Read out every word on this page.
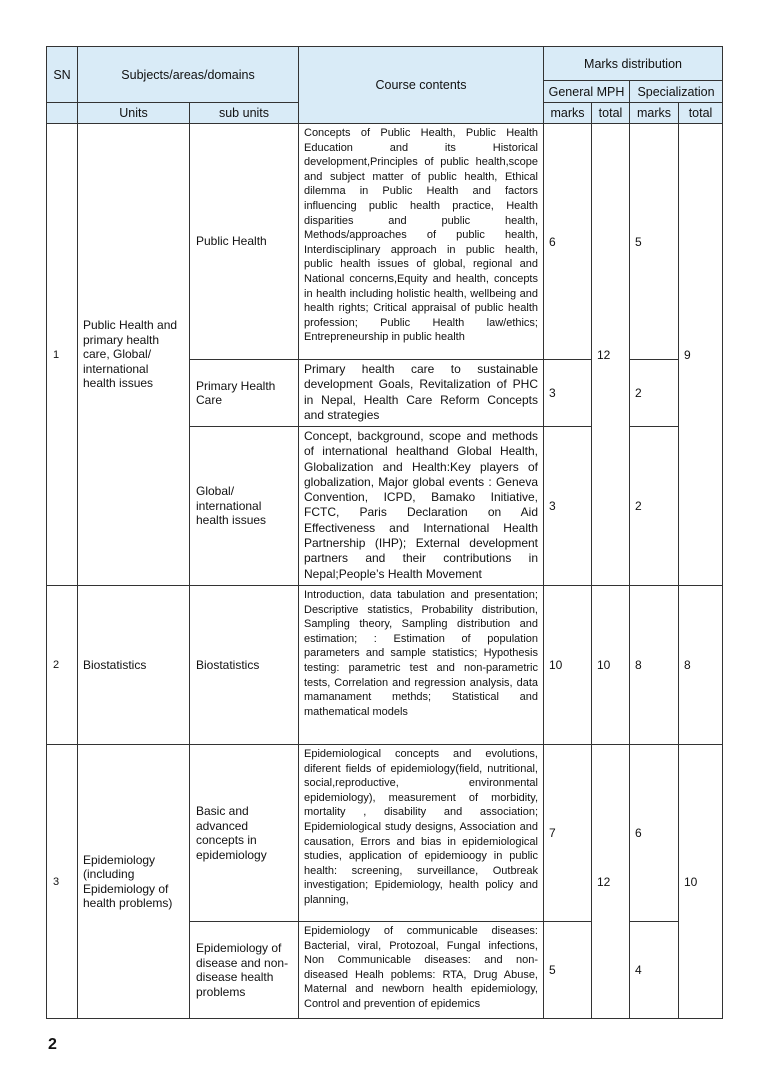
SN	Subjects/areas/domains		Course contents	Marks distribution			
				General MPH		Specialization	
	Units	sub units		marks	total	marks	total
1	Public Health and primary health care, Global/ international health issues	Public Health	Concepts of Public Health, Public Health Education and its Historical development,Principles of public health,scope and subject matter of public health, Ethical dilemma in Public Health and factors influencing public health practice, Health disparities and public health, Methods/approaches of public health, Interdisciplinary approach in public health, public health issues of global, regional and National concerns,Equity and health, concepts in health including holistic health, wellbeing and health rights; Critical appraisal of public health profession; Public Health law/ethics; Entrepreneurship in public health	6	12	5	9
		Primary Health Care	Primary health care to sustainable development Goals, Revitalization of PHC in Nepal, Health Care Reform Concepts and strategies	3		2	
		Global/ international health issues	Concept, background, scope and methods of international healthand Global Health, Globalization and Health:Key players of globalization, Major global events : Geneva Convention, ICPD, Bamako Initiative, FCTC, Paris Declaration on Aid Effectiveness and International Health Partnership (IHP); External development partners and their contributions in Nepal;People’s Health Movement	3		2	
2	Biostatistics	Biostatistics	Introduction, data tabulation and presentation; Descriptive statistics, Probability distribution, Sampling theory, Sampling distribution and estimation; : Estimation of population parameters and sample statistics; Hypothesis testing: parametric test and non-parametric tests, Correlation and regression analysis, data mamanament methds; Statistical and mathematical models	10	10	8	8
3	Epidemiology (including Epidemiology of health problems)	Basic and advanced concepts in epidemiology	Epidemiological concepts and evolutions, diferent fields of epidemiology(field, nutritional, social,reproductive, environmental epidemiology), measurement of morbidity, mortality , disability and association; Epidemiological study designs, Association and causation, Errors and bias in epidemiological studies, application of epidemioogy in public health: screening, surveillance, Outbreak investigation; Epidemiology, health policy and planning,	7	12	6	10
		Epidemiology of disease and non-disease health problems	Epidemiology of communicable diseases: Bacterial, viral, Protozoal, Fungal infections, Non Communicable diseases: and non-diseased Healh poblems: RTA, Drug Abuse, Maternal and newborn health epidemiology, Control and prevention of epidemics	5		4	
2
